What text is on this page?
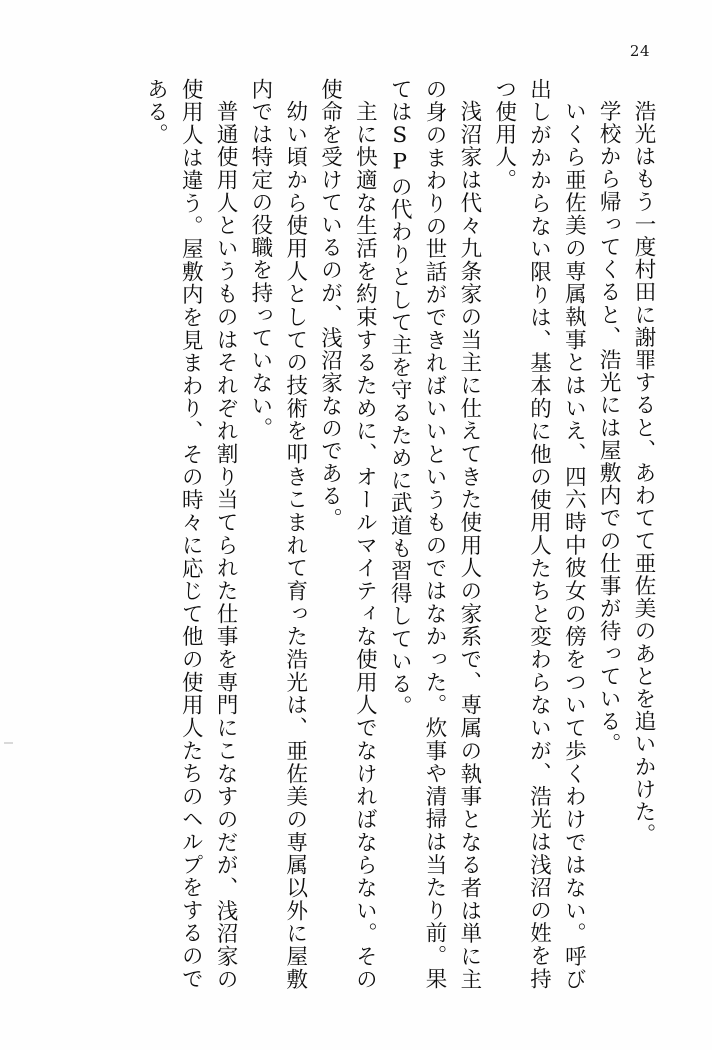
24
浩光はもう一度村田に謝罪すると、あわてて亜佐美のあとを追いかけた。
学校から帰ってくると、浩光には屋敷内での仕事が待っている。
いくら亜佐美の専属執事とはいえ、四六時中彼女の傍をついて歩くわけではない。呼び出しがかからない限りは、基本的に他の使用人たちと変わらないが、浩光は浅沼の姓を持つ使用人。
浅沼家は代々九条家の当主に仕えてきた使用人の家系で、専属の執事となる者は単に主の身のまわりの世話ができればいいというものではなかった。炊事や清掃は当たり前。果てはSPの代わりとして主を守るために武道も習得している。
主に快適な生活を約束するために、オールマイティな使用人でなければならない。その使命を受けているのが、浅沼家なのである。
幼い頃から使用人としての技術を叩きこまれて育った浩光は、亜佐美の専属以外に屋敷内では特定の役職を持っていない。
普通使用人というものはそれぞれ割り当てられた仕事を専門にこなすのだが、浅沼家の使用人は違う。屋敷内を見まわり、その時々に応じて他の使用人たちのヘルプをするのである。
